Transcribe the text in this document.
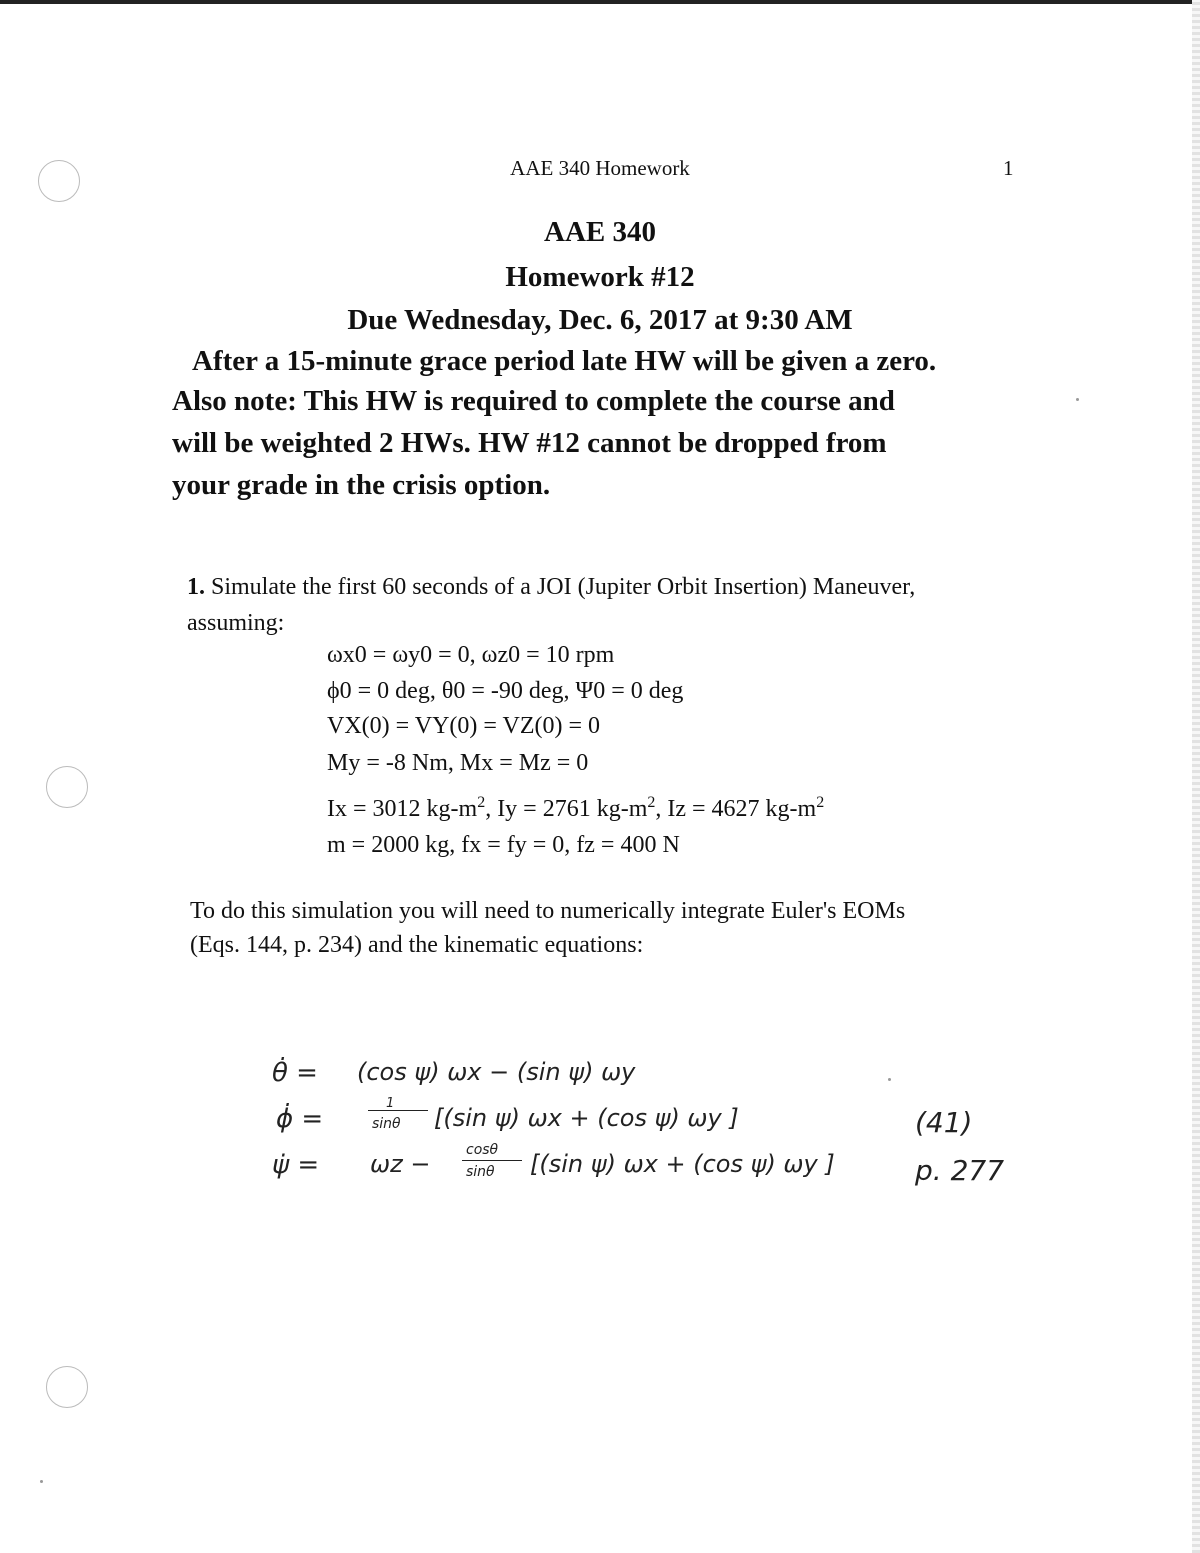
AAE 340 Homework	1
AAE 340
Homework #12
Due Wednesday, Dec. 6, 2017 at 9:30 AM
After a 15-minute grace period late HW will be given a zero.
Also note: This HW is required to complete the course and
will be weighted 2 HWs. HW #12 cannot be dropped from
your grade in the crisis option.
1. Simulate the first 60 seconds of a JOI (Jupiter Orbit Insertion) Maneuver,
assuming:
ωx0 = ωy0 = 0, ωz0 = 10 rpm
ϕ0 = 0 deg, θ0 = -90 deg, Ψ0 = 0 deg
VX(0) = VY(0) = VZ(0) = 0
My = -8 Nm, Mx = Mz = 0
Ix = 3012 $kg-m^2$, Iy = 2761 $kg-m^2$, Iz = 4627 $kg-m^2$
m = 2000 kg, fx = fy = 0, fz = 400 N
To do this simulation you will need to numerically integrate Euler's EOMs
(Eqs. 144, p. 234) and the kinematic equations:
θ̇ = (cos ψ) ωx − (sin ψ) ωy
ϕ̇ =
1
sinθ [(sin ψ) ωx + (cos ψ) ωy ]
ψ̇ = ωz −	cosθ
sinθ [(sin ψ) ωx + (cos ψ) ωy ]
(41)
p. 277
